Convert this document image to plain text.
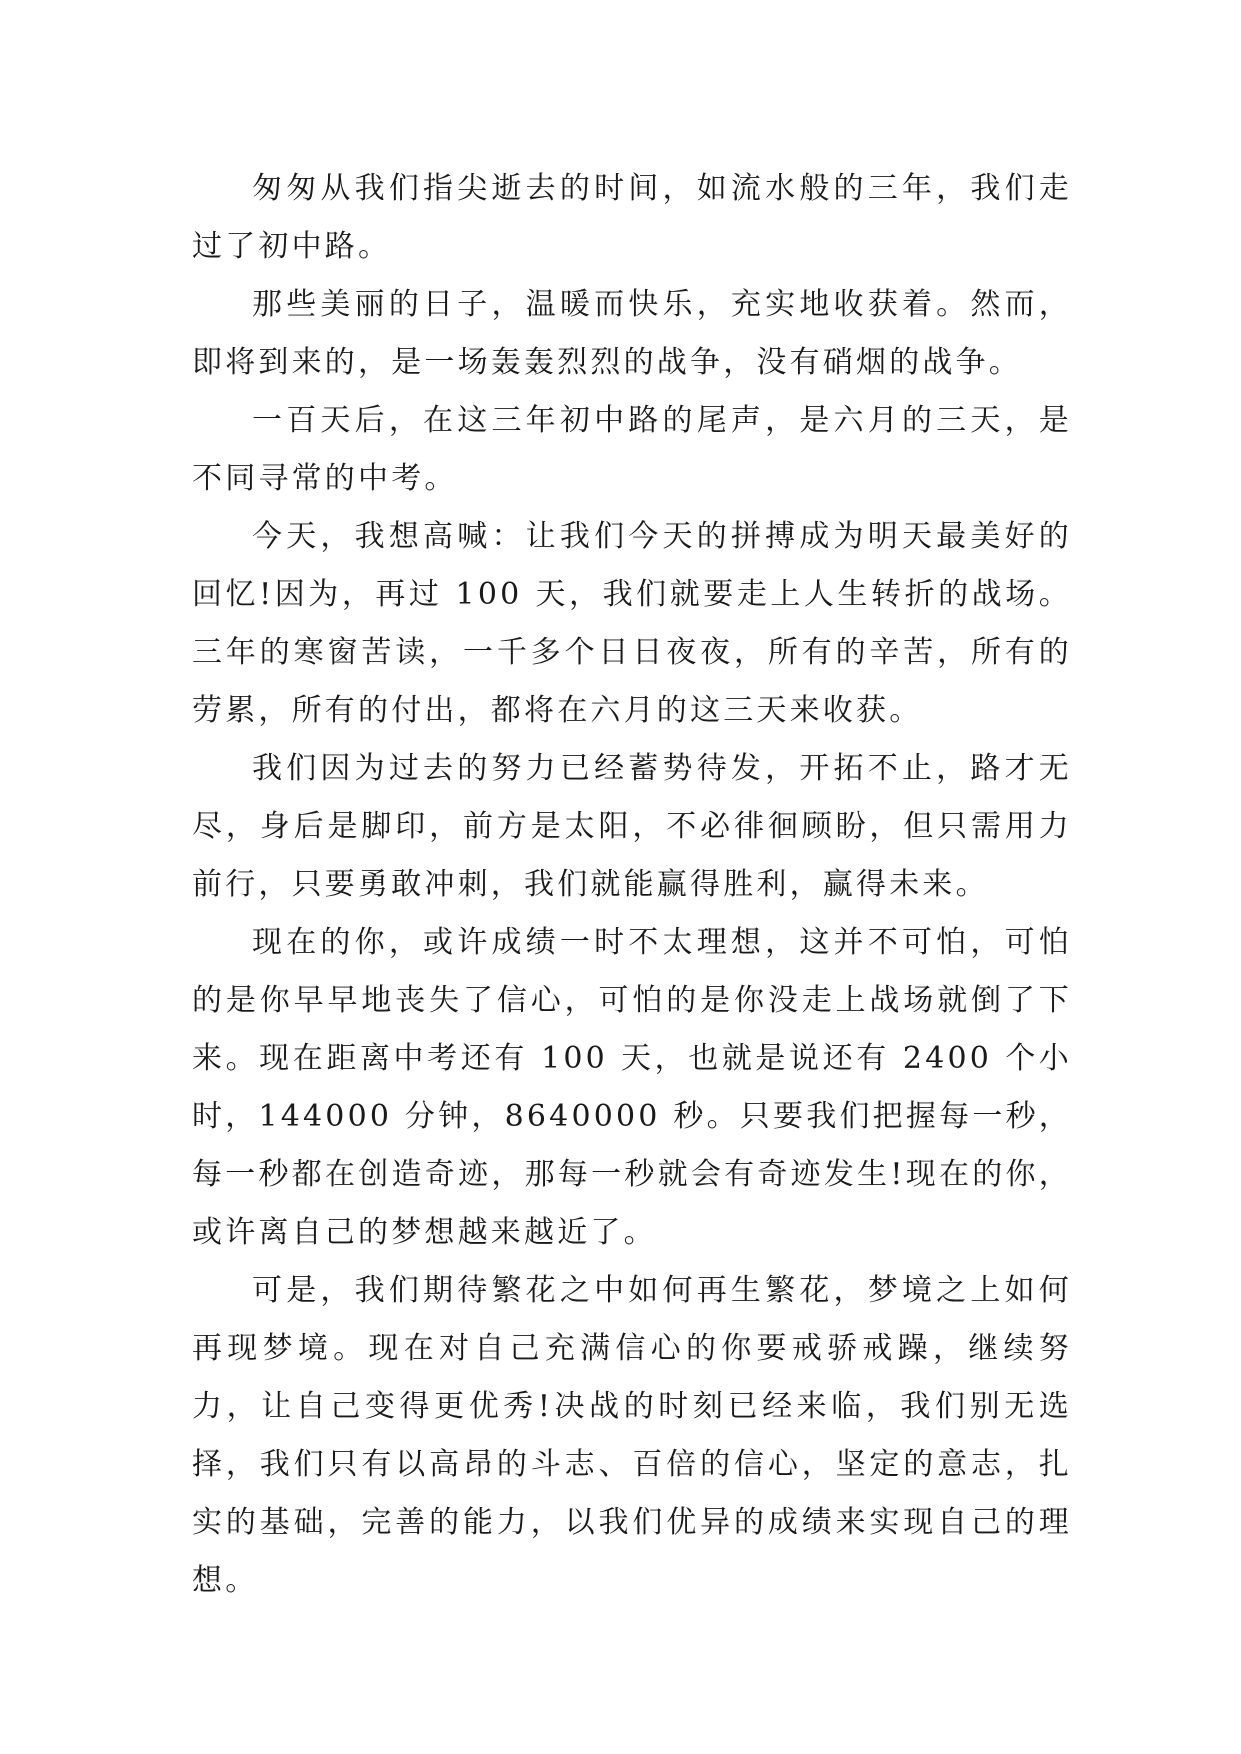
匆匆从我们指尖逝去的时间，如流水般的三年，我们走过了初中路。

那些美丽的日子，温暖而快乐，充实地收获着。然而，即将到来的，是一场轰轰烈烈的战争，没有硝烟的战争。

一百天后，在这三年初中路的尾声，是六月的三天，是不同寻常的中考。

今天，我想高喊：让我们今天的拼搏成为明天最美好的回忆!因为，再过 100 天，我们就要走上人生转折的战场。三年的寒窗苦读，一千多个日日夜夜，所有的辛苦，所有的劳累，所有的付出，都将在六月的这三天来收获。

我们因为过去的努力已经蓄势待发，开拓不止，路才无尽，身后是脚印，前方是太阳，不必徘徊顾盼，但只需用力前行，只要勇敢冲刺，我们就能赢得胜利，赢得未来。

现在的你，或许成绩一时不太理想，这并不可怕，可怕的是你早早地丧失了信心，可怕的是你没走上战场就倒了下来。现在距离中考还有 100 天，也就是说还有 2400 个小时，144000 分钟，8640000 秒。只要我们把握每一秒，每一秒都在创造奇迹，那每一秒就会有奇迹发生!现在的你，或许离自己的梦想越来越近了。

可是，我们期待繁花之中如何再生繁花，梦境之上如何再现梦境。现在对自己充满信心的你要戒骄戒躁，继续努力，让自己变得更优秀!决战的时刻已经来临，我们别无选择，我们只有以高昂的斗志、百倍的信心，坚定的意志，扎实的基础，完善的能力，以我们优异的成绩来实现自己的理想。
